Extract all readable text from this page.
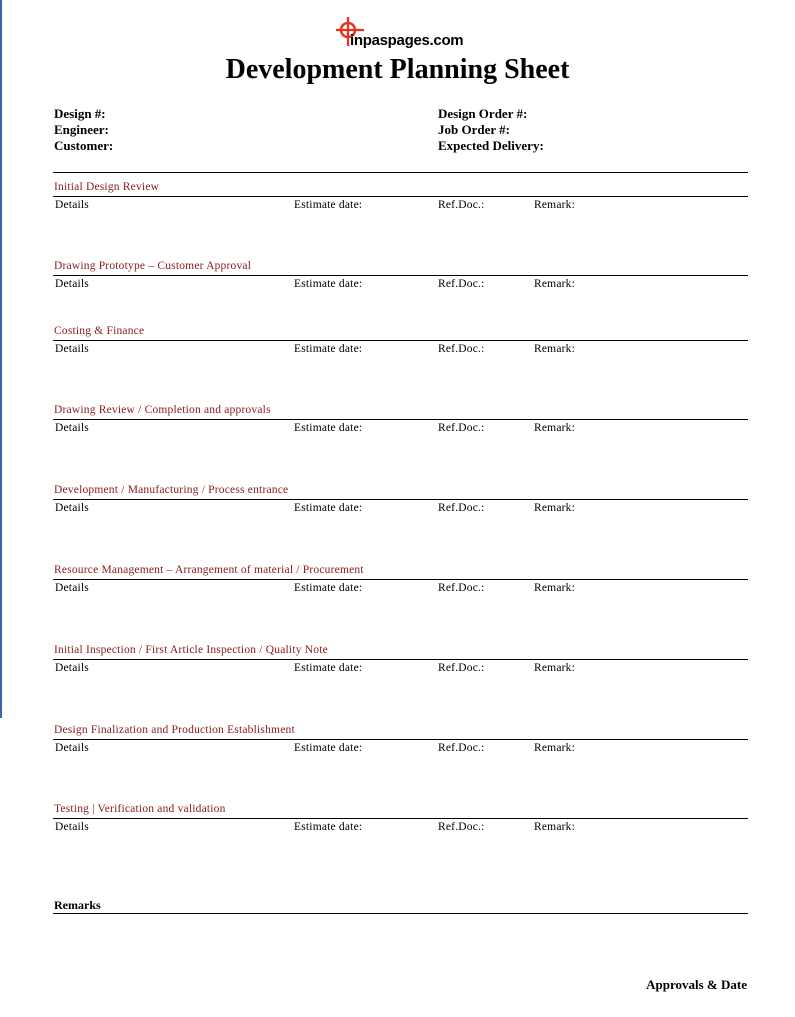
inpaspages.com
Development Planning Sheet
Design #:
Engineer:
Customer:
Design Order #:
Job Order #:
Expected Delivery:
Initial Design Review
Details	Estimate date:	Ref.Doc.:	Remark:
Drawing Prototype – Customer Approval
Details	Estimate date:	Ref.Doc.:	Remark:
Costing & Finance
Details	Estimate date:	Ref.Doc.:	Remark:
Drawing Review / Completion and approvals
Details	Estimate date:	Ref.Doc.:	Remark:
Development / Manufacturing / Process entrance
Details	Estimate date:	Ref.Doc.:	Remark:
Resource Management – Arrangement of material / Procurement
Details	Estimate date:	Ref.Doc.:	Remark:
Initial Inspection / First Article Inspection / Quality Note
Details	Estimate date:	Ref.Doc.:	Remark:
Design Finalization and Production Establishment
Details	Estimate date:	Ref.Doc.:	Remark:
Testing | Verification and validation
Details	Estimate date:	Ref.Doc.:	Remark:
Remarks
Approvals & Date
